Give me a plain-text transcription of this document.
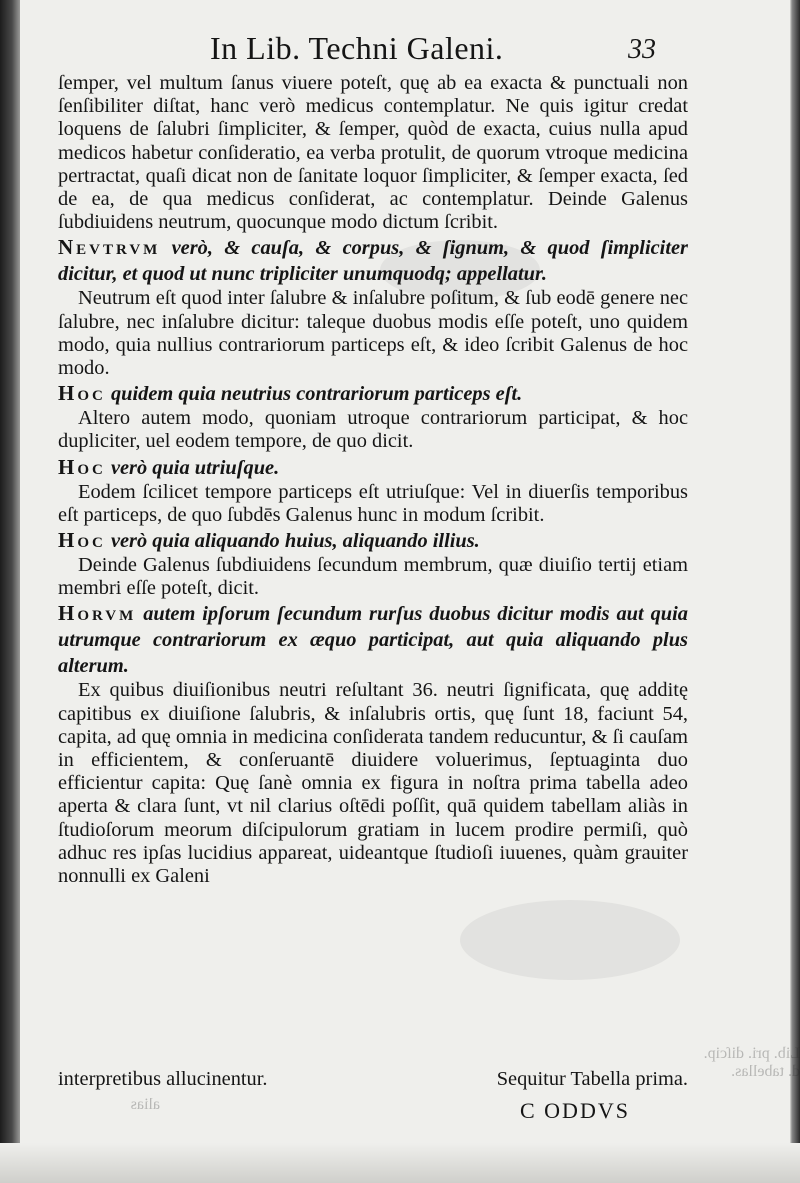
In Lib. Techni Galeni.	33

ſemper, vel multum ſanus viuere poteſt, quę ab ea exacta & punctuali non ſenſibiliter diſtat, hanc verò medicus contemplatur. Ne quis igitur credat loquens de ſalubri ſimpliciter, & ſemper, quòd de exacta, cuius nulla apud medicos habetur conſideratio, ea verba protulit, de quorum vtroque medicina pertractat, quaſi dicat non de ſanitate loquor ſimpliciter, & ſemper exacta, ſed de ea, de qua medicus conſiderat, ac contemplatur. Deinde Galenus ſubdiuidens neutrum, quocunque modo dictum ſcribit.

Nevtrvm verò, & cauſa, & corpus, & ſignum, & quod ſimpliciter dicitur, et quod ut nunc tripliciter unumquodq; appellatur.

Neutrum eſt quod inter ſalubre & inſalubre poſitum, & ſub eodē genere nec ſalubre, nec inſalubre dicitur: taleque duobus modis eſſe poteſt, uno quidem modo, quia nullius contrariorum particeps eſt, & ideo ſcribit Galenus de hoc modo.

Hoc quidem quia neutrius contrariorum particeps eſt.

Altero autem modo, quoniam utroque contrariorum participat, & hoc dupliciter, uel eodem tempore, de quo dicit.

Hoc verò quia utriuſque.

Eodem ſcilicet tempore particeps eſt utriuſque: Vel in diuerſis temporibus eſt particeps, de quo ſubdēs Galenus hunc in modum ſcribit.

Hoc verò quia aliquando huius, aliquando illius.

Deinde Galenus ſubdiuidens ſecundum membrum, quæ diuiſio tertij etiam membri eſſe poteſt, dicit.

Horvm autem ipſorum ſecundum rurſus duobus dicitur modis aut quia utrumque contrariorum ex æquo participat, aut quia aliquando plus alterum.

Ex quibus diuiſionibus neutri reſultant 36. neutri ſignificata, quę additę capitibus ex diuiſione ſalubris, & inſalubris ortis, quę ſunt 18, faciunt 54, capita, ad quę omnia in medicina conſiderata tandem reducuntur, & ſi cauſam in efficientem, & conſeruantē diuidere voluerimus, ſeptuaginta duo efficientur capita: Quę ſanè omnia ex figura in noſtra prima tabella adeo aperta & clara ſunt, vt nil clarius oſtēdi poſſit, quā quidem tabellam aliàs in ſtudioſorum meorum diſcipulorum gratiam in lucem prodire permiſi, quò adhuc res ipſas lucidius appareat, uideantque ſtudioſi iuuenes, quàm grauiter nonnulli ex Galeni

interpretibus allucinentur.	Sequitur Tabella prima.
C ODDVS
Lib. pri. diſcip. d. tabellas.
alias
